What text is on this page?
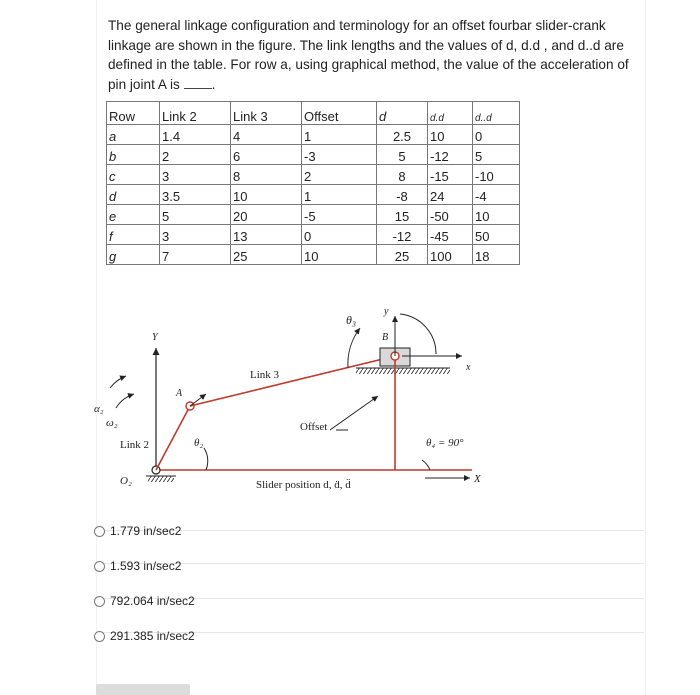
The general linkage configuration and terminology for an offset fourbar slider-crank linkage are shown in the figure. The link lengths and the values of d, d.d , and d..d are defined in the table. For row a, using graphical method, the value of the acceleration of pin joint A is .
Row	Link 2	Link 3	Offset	d	d.d	d..d
a	1.4	4	1	2.5	10	0
b	2	6	-3	5	-12	5
c	3	8	2	8	-15	-10
d	3.5	10	1	-8	24	-4
e	5	20	-5	15	-50	10
f	3	13	0	-12	-45	50
g	7	25	10	25	100	18
θ₃
y
B
Y
Link 3
A
α₂
ω₂	Offset
θ₂	θ₄ = 90°
Link 2
O₂	Slider position d, ḋ, d̈
x
X
1.779 in/sec2
1.593 in/sec2
792.064 in/sec2
291.385 in/sec2
